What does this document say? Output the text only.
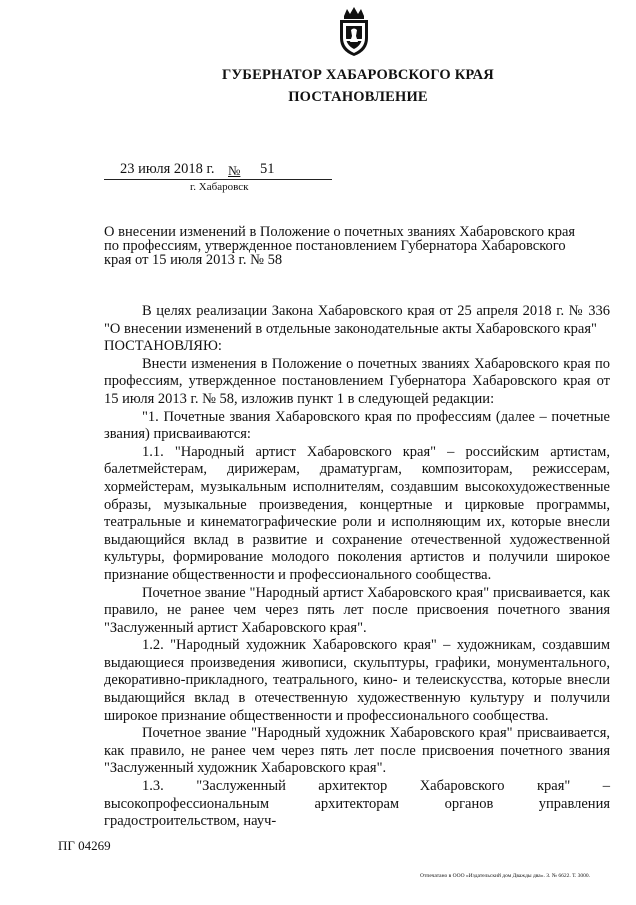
ГУБЕРНАТОР ХАБАРОВСКОГО КРАЯ
ПОСТАНОВЛЕНИЕ
23 июля 2018 г. № 51
г. Хабаровск

О внесении изменений в Положение о почетных званиях Хабаровского края

по профессиям, утвержденное постановлением Губернатора Хабаровского

края от 15 июля 2013 г. № 58

В целях реализации Закона Хабаровского края от 25 апреля 2018 г. № 336 "О внесении изменений в отдельные законодательные акты Хабаровского края"

ПОСТАНОВЛЯЮ:

Внести изменения в Положение о почетных званиях Хабаровского края по профессиям, утвержденное постановлением Губернатора Хабаровского края от 15 июля 2013 г. № 58, изложив пункт 1 в следующей редакции:

"1. Почетные звания Хабаровского края по профессиям (далее – почетные звания) присваиваются:

1.1. "Народный артист Хабаровского края" – российским артистам, балетмейстерам, дирижерам, драматургам, композиторам, режиссерам, хормейстерам, музыкальным исполнителям, создавшим высокохудожественные образы, музыкальные произведения, концертные и цирковые программы, театральные и кинематографические роли и исполняющим их, которые внесли выдающийся вклад в развитие и сохранение отечественной художественной культуры, формирование молодого поколения артистов и получили широкое признание общественности и профессионального сообщества.

Почетное звание "Народный артист Хабаровского края" присваивается, как правило, не ранее чем через пять лет после присвоения почетного звания "Заслуженный артист Хабаровского края".

1.2. "Народный художник Хабаровского края" – художникам, создавшим выдающиеся произведения живописи, скульптуры, графики, монументального, декоративно-прикладного, театрального, кино- и телеискусства, которые внесли выдающийся вклад в отечественную художественную культуру и получили широкое признание общественности и профессионального сообщества.

Почетное звание "Народный художник Хабаровского края" присваивается, как правило, не ранее чем через пять лет после присвоения почетного звания "Заслуженный художник Хабаровского края".

1.3. "Заслуженный архитектор Хабаровского края" – высокопрофессиональным архитекторам органов управления градостроительством, науч-

ПГ 04269
Отпечатано в ООО «Издательский дом Дважды два». З. № 6622. Т. 3000.
